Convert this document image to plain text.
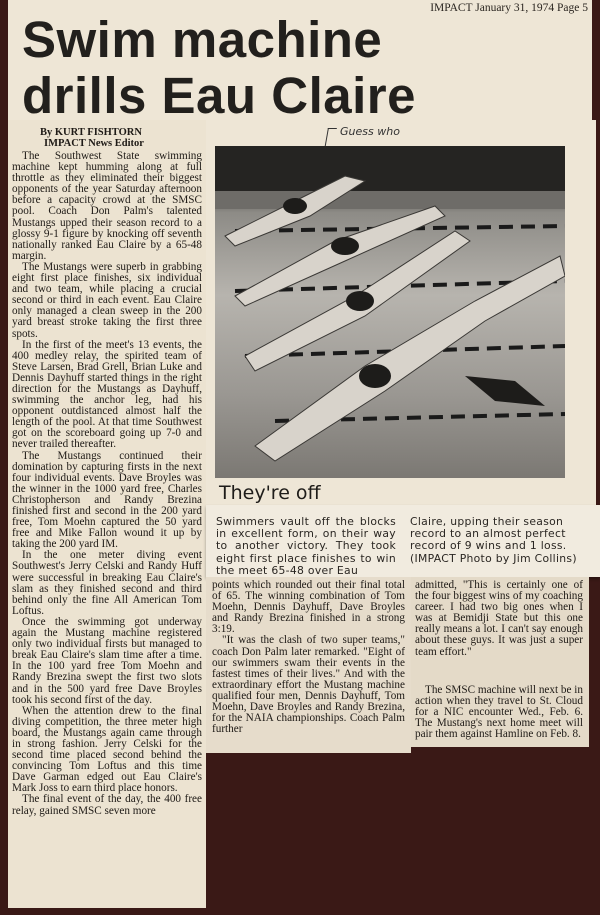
IMPACT January 31, 1974 Page 5
Swim machine
drills Eau Claire
By KURT FISHTORN
IMPACT News Editor
Guess who
They're off
Swimmers vault off the blocks in excellent form, on their way to another victory. They took eight first place finishes to win the meet 65-48 over Eau
Claire, upping their season record to an almost perfect record of 9 wins and 1 loss. (IMPACT Photo by Jim Collins)

The Southwest State swimming machine kept humming along at full throttle as they eliminated their biggest opponents of the year Saturday afternoon before a capacity crowd at the SMSC pool. Coach Don Palm's talented Mustangs upped their season record to a glossy 9-1 figure by knocking off seventh nationally ranked Eau Claire by a 65-48 margin.

The Mustangs were superb in grabbing eight first place finishes, six individual and two team, while placing a crucial second or third in each event. Eau Claire only managed a clean sweep in the 200 yard breast stroke taking the first three spots.

In the first of the meet's 13 events, the 400 medley relay, the spirited team of Steve Larsen, Brad Grell, Brian Luke and Dennis Dayhuff started things in the right direction for the Mustangs as Dayhuff, swimming the anchor leg, had his opponent outdistanced almost half the length of the pool. At that time Southwest got on the scoreboard going up 7-0 and never trailed thereafter.

The Mustangs continued their domination by capturing firsts in the next four individual events. Dave Broyles was the winner in the 1000 yard free, Charles Christopherson and Randy Brezina finished first and second in the 200 yard free, Tom Moehn captured the 50 yard free and Mike Fallon wound it up by taking the 200 yard IM.

In the one meter diving event Southwest's Jerry Celski and Randy Huff were successful in breaking Eau Claire's slam as they finished second and third behind only the fine All American Tom Loftus.

Once the swimming got underway again the Mustang machine registered only two individual firsts but managed to break Eau Claire's slam time after a time. In the 100 yard free Tom Moehn and Randy Brezina swept the first two slots and in the 500 yard free Dave Broyles took his second first of the day.

When the attention drew to the final diving competition, the three meter high board, the Mustangs again came through in strong fashion. Jerry Celski for the second time placed second behind the convincing Tom Loftus and this time Dave Garman edged out Eau Claire's Mark Joss to earn third place honors.

The final event of the day, the 400 free relay, gained SMSC seven more

points which rounded out their final total of 65. The winning combination of Tom Moehn, Dennis Dayhuff, Dave Broyles and Randy Brezina finished in a strong 3:19.

"It was the clash of two super teams," coach Don Palm later remarked. "Eight of our swimmers swam their events in the fastest times of their lives." And with the extraordinary effort the Mustang machine qualified four men, Dennis Dayhuff, Tom Moehn, Dave Broyles and Randy Brezina, for the NAIA championships. Coach Palm further

admitted, "This is certainly one of the four biggest wins of my coaching career. I had two big ones when I was at Bemidji State but this one really means a lot. I can't say enough about these guys. It was just a super team effort."

The SMSC machine will next be in action when they travel to St. Cloud for a NIC encounter Wed., Feb. 6. The Mustang's next home meet will pair them against Hamline on Feb. 8.
